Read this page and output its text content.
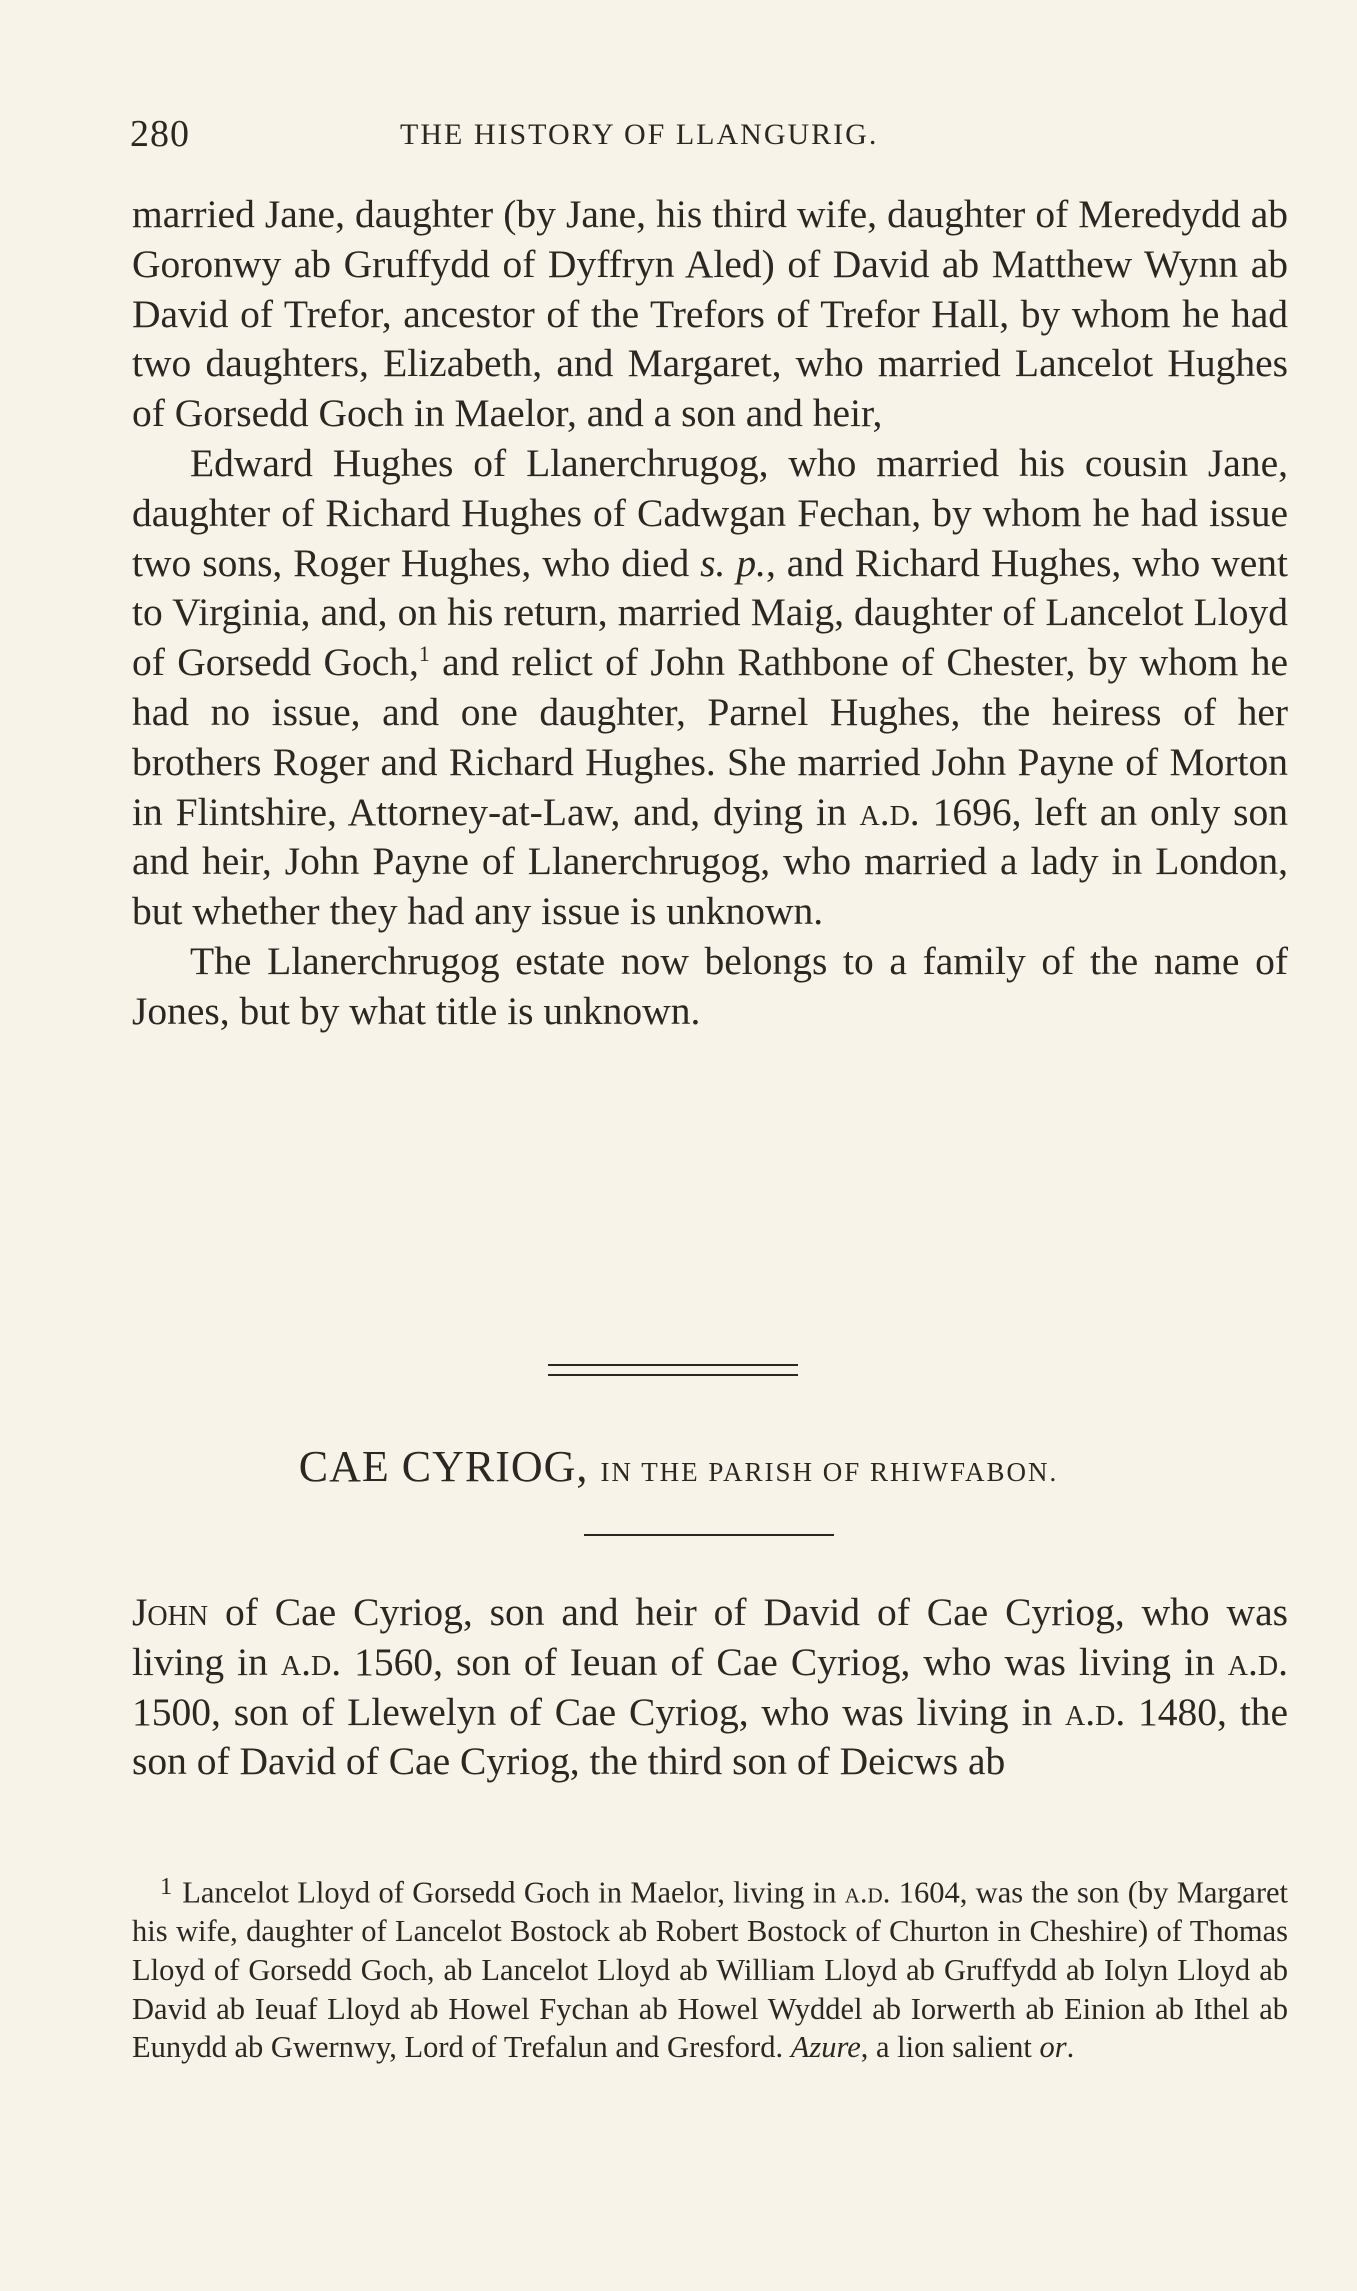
280	THE HISTORY OF LLANGURIG.

married Jane, daughter (by Jane, his third wife, daughter of Meredydd ab Goronwy ab Gruffydd of Dyffryn Aled) of David ab Matthew Wynn ab David of Trefor, ancestor of the Trefors of Trefor Hall, by whom he had two daughters, Elizabeth, and Margaret, who married Lancelot Hughes of Gorsedd Goch in Maelor, and a son and heir,

Edward Hughes of Llanerchrugog, who married his cousin Jane, daughter of Richard Hughes of Cadwgan Fechan, by whom he had issue two sons, Roger Hughes, who died s. p., and Richard Hughes, who went to Virginia, and, on his return, married Maig, daughter of Lancelot Lloyd of Gorsedd Goch,$^1$ and relict of John Rathbone of Chester, by whom he had no issue, and one daughter, Parnel Hughes, the heiress of her brothers Roger and Richard Hughes. She married John Payne of Morton in Flintshire, Attorney-at-Law, and, dying in a.d. 1696, left an only son and heir, John Payne of Llanerchrugog, who married a lady in London, but whether they had any issue is unknown.

The Llanerchrugog estate now belongs to a family of the name of Jones, but by what title is unknown.

CAE CYRIOG, IN THE PARISH OF RHIWFABON.

John of Cae Cyriog, son and heir of David of Cae Cyriog, who was living in a.d. 1560, son of Ieuan of Cae Cyriog, who was living in a.d. 1500, son of Llewelyn of Cae Cyriog, who was living in a.d. 1480, the son of David of Cae Cyriog, the third son of Deicws ab

$^1$ Lancelot Lloyd of Gorsedd Goch in Maelor, living in a.d. 1604, was the son (by Margaret his wife, daughter of Lancelot Bostock ab Robert Bostock of Churton in Cheshire) of Thomas Lloyd of Gorsedd Goch, ab Lancelot Lloyd ab William Lloyd ab Gruffydd ab Iolyn Lloyd ab David ab Ieuaf Lloyd ab Howel Fychan ab Howel Wyddel ab Iorwerth ab Einion ab Ithel ab Eunydd ab Gwernwy, Lord of Trefalun and Gresford. Azure, a lion salient or.
